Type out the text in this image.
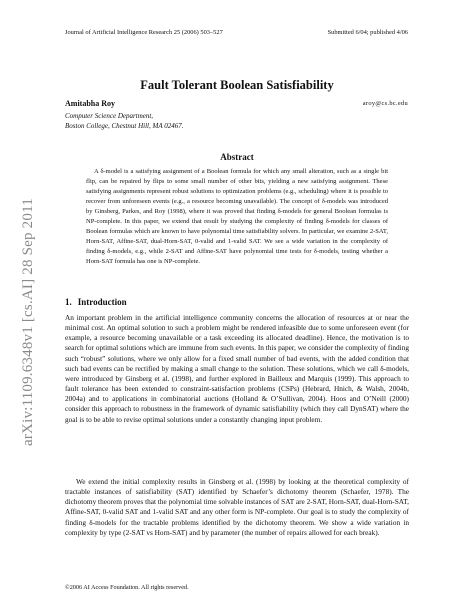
Journal of Artificial Intelligence Research 25 (2006) 503–527	Submitted 6/04; published 4/06
arXiv:1109.6348v1 [cs.AI] 28 Sep 2011
Fault Tolerant Boolean Satisfiability
Amitabha Roy	aroy@cs.bc.edu
Computer Science Department,
Boston College, Chestnut Hill, MA 02467.
Abstract

A δ-model is a satisfying assignment of a Boolean formula for which any small alteration, such as a single bit flip, can be repaired by flips to some small number of other bits, yielding a new satisfying assignment. These satisfying assignments represent robust solutions to optimization problems (e.g., scheduling) where it is possible to recover from unforeseen events (e.g., a resource becoming unavailable). The concept of δ-models was introduced by Ginsberg, Parkes, and Roy (1998), where it was proved that finding δ-models for general Boolean formulas is NP-complete. In this paper, we extend that result by studying the complexity of finding δ-models for classes of Boolean formulas which are known to have polynomial time satisfiability solvers. In particular, we examine 2-SAT, Horn-SAT, Affine-SAT, dual-Horn-SAT, 0-valid and 1-valid SAT. We see a wide variation in the complexity of finding δ-models, e.g., while 2-SAT and Affine-SAT have polynomial time tests for δ-models, testing whether a Horn-SAT formula has one is NP-complete.

1. Introduction

An important problem in the artificial intelligence community concerns the allocation of resources at or near the minimal cost. An optimal solution to such a problem might be rendered infeasible due to some unforeseen event (for example, a resource becoming unavailable or a task exceeding its allocated deadline). Hence, the motivation is to search for optimal solutions which are immune from such events. In this paper, we consider the complexity of finding such “robust” solutions, where we only allow for a fixed small number of bad events, with the added condition that such bad events can be rectified by making a small change to the solution. These solutions, which we call δ-models, were introduced by Ginsberg et al. (1998), and further explored in Bailleux and Marquis (1999). This approach to fault tolerance has been extended to constraint-satisfaction problems (CSPs) (Hebrard, Hnich, & Walsh, 2004b, 2004a) and to applications in combinatorial auctions (Holland & O’Sullivan, 2004). Hoos and O’Neill (2000) consider this approach to robustness in the framework of dynamic satisfiability (which they call DynSAT) where the goal is to be able to revise optimal solutions under a constantly changing input problem.

We extend the initial complexity results in Ginsberg et al. (1998) by looking at the theoretical complexity of tractable instances of satisfiability (SAT) identified by Schaefer’s dichotomy theorem (Schaefer, 1978). The dichotomy theorem proves that the polynomial time solvable instances of SAT are 2-SAT, Horn-SAT, dual-Horn-SAT, Affine-SAT, 0-valid SAT and 1-valid SAT and any other form is NP-complete. Our goal is to study the complexity of finding δ-models for the tractable problems identified by the dichotomy theorem. We show a wide variation in complexity by type (2-SAT vs Horn-SAT) and by parameter (the number of repairs allowed for each break).

©2006 AI Access Foundation. All rights reserved.
